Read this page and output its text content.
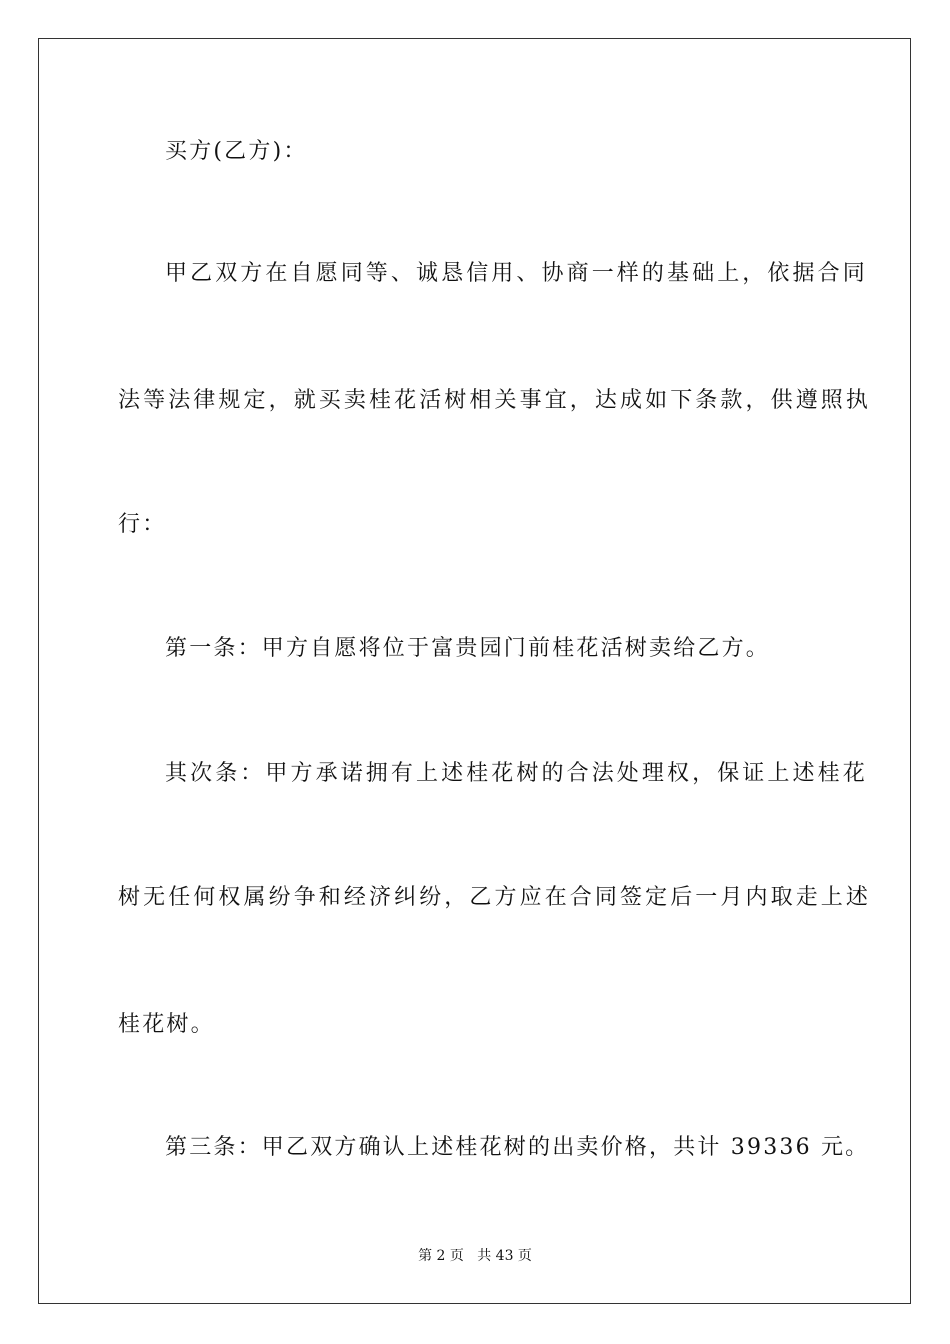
买方(乙方)：
甲乙双方在自愿同等、诚恳信用、协商一样的基础上，依据合同
法等法律规定，就买卖桂花活树相关事宜，达成如下条款，供遵照执
行：
第一条：甲方自愿将位于富贵园门前桂花活树卖给乙方。
其次条：甲方承诺拥有上述桂花树的合法处理权，保证上述桂花
树无任何权属纷争和经济纠纷，乙方应在合同签定后一月内取走上述
桂花树。
第三条：甲乙双方确认上述桂花树的出卖价格，共计 39336 元。
第 2 页   共 43 页
